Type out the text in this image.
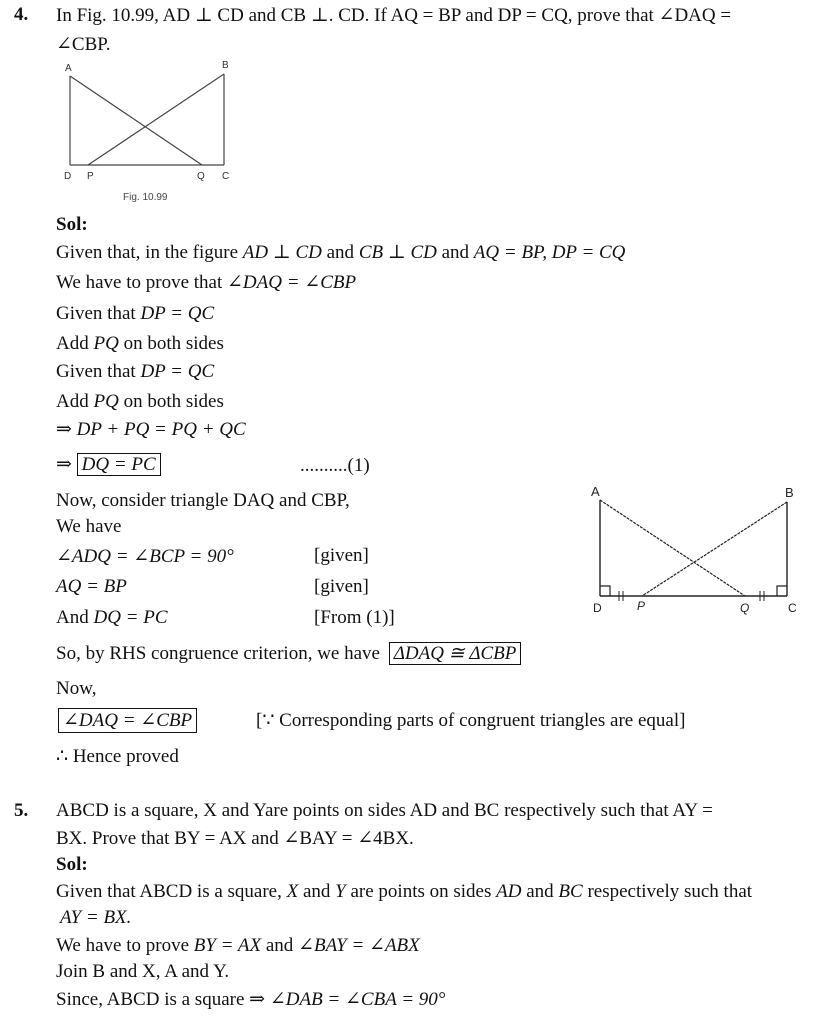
4. In Fig. 10.99, AD ⊥ CD and CB ⊥. CD. If AQ = BP and DP = CQ, prove that ∠DAQ =
∠CBP.
A	B
D P	Q C
Fig. 10.99
Sol:
Given that, in the figure AD ⊥ CD and CB ⊥ CD and AQ = BP, DP = CQ
We have to prove that ∠DAQ = ∠CBP
Given that DP = QC
Add PQ on both sides
Given that DP = QC
Add PQ on both sides
⇒ DP + PQ = PQ + QC
⇒ DQ = PC	..........(1)
Now, consider triangle DAQ and CBP,
We have
∠ADQ = ∠BCP = 90°	[given]
AQ = BP	[given]
And DQ = PC	[From (1)]
So, by RHS congruence criterion, we have ΔDAQ ≅ ΔCBP
Now,
∠DAQ = ∠CBP	[∵ Corresponding parts of congruent triangles are equal]
∴ Hence proved
A	B
D	P	Q	C
5. ABCD is a square, X and Yare points on sides AD and BC respectively such that AY =
BX. Prove that BY = AX and ∠BAY = ∠4BX.
Sol:
Given that ABCD is a square, X and Y are points on sides AD and BC respectively such that
AY = BX.
We have to prove BY = AX and ∠BAY = ∠ABX
Join B and X, A and Y.
Since, ABCD is a square ⇒ ∠DAB = ∠CBA = 90°
